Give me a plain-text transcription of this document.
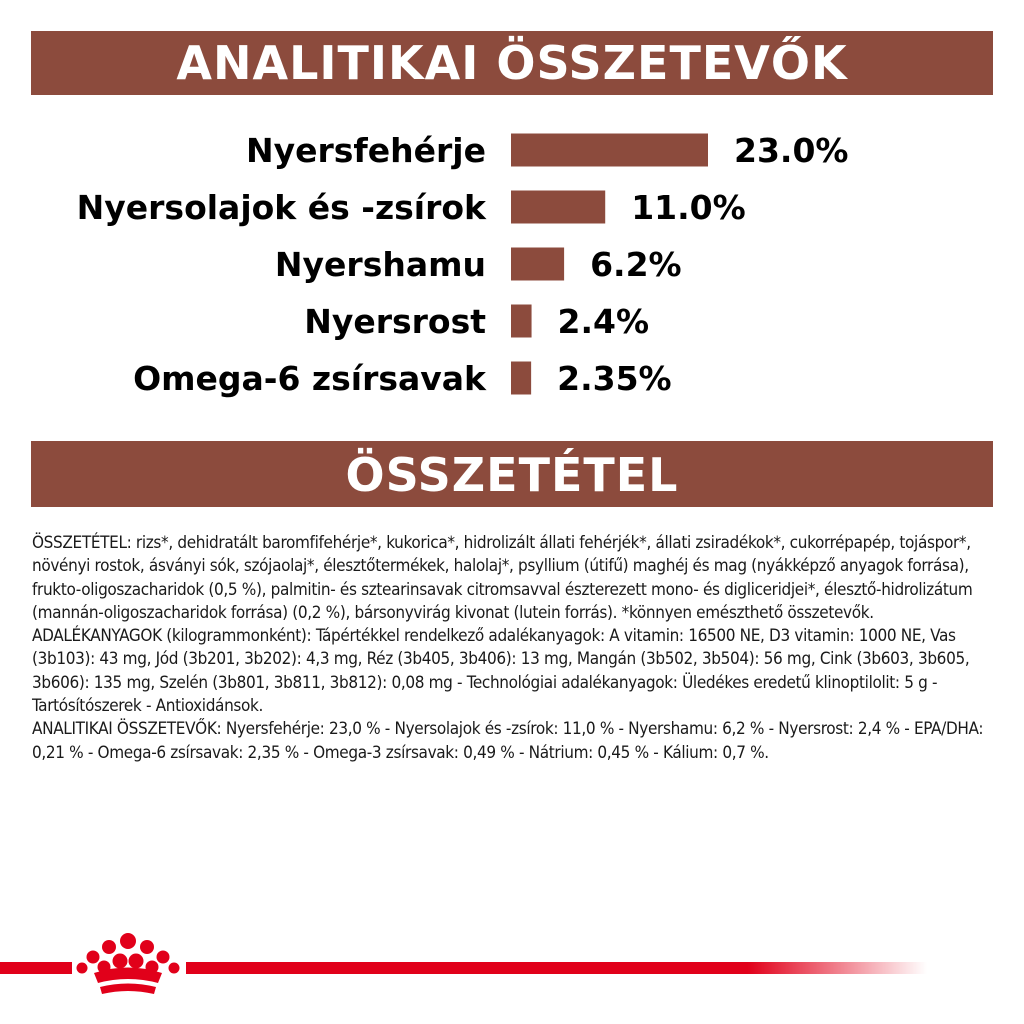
ANALITIKAI ÖSSZETEVŐK
Nyersfehérje	23.0%
Nyersolajok és -zsírok	11.0%
Nyershamu	6.2%
Nyersrost 2.4%
Omega-6 zsírsavak 2.35%
ÖSSZETÉTEL

ÖSSZETÉTEL: rizs*, dehidratált baromfifehérje*, kukorica*, hidrolizált állati fehérjék*, állati zsiradékok*, cukorrépapép, tojáspor*, növényi rostok, ásványi sók, szójaolaj*, élesztőtermékek, halolaj*, psyllium (útifű) maghéj és mag (nyákképző anyagok forrása), frukto-oligoszacharidok (0,5 %), palmitin- és sztearinsavak citromsavval észterezett mono- és digliceridjei*, élesztő-hidrolizátum (mannán-oligoszacharidok forrása) (0,2 %), bársonyvirág kivonat (lutein forrás). *könnyen emészthető összetevők.

ADALÉKANYAGOK (kilogrammonként): Tápértékkel rendelkező adalékanyagok: A vitamin: 16500 NE, D3 vitamin: 1000 NE, Vas (3b103): 43 mg, Jód (3b201, 3b202): 4,3 mg, Réz (3b405, 3b406): 13 mg, Mangán (3b502, 3b504): 56 mg, Cink (3b603, 3b605, 3b606): 135 mg, Szelén (3b801, 3b811, 3b812): 0,08 mg - Technológiai adalékanyagok: Üledékes eredetű klinoptilolit: 5 g - Tartósítószerek - Antioxidánsok.

ANALITIKAI ÖSSZETEVŐK: Nyersfehérje: 23,0 % - Nyersolajok és -zsírok: 11,0 % - Nyershamu: 6,2 % - Nyersrost: 2,4 % - EPA/DHA: 0,21 % - Omega-6 zsírsavak: 2,35 % - Omega-3 zsírsavak: 0,49 % - Nátrium: 0,45 % - Kálium: 0,7 %.
